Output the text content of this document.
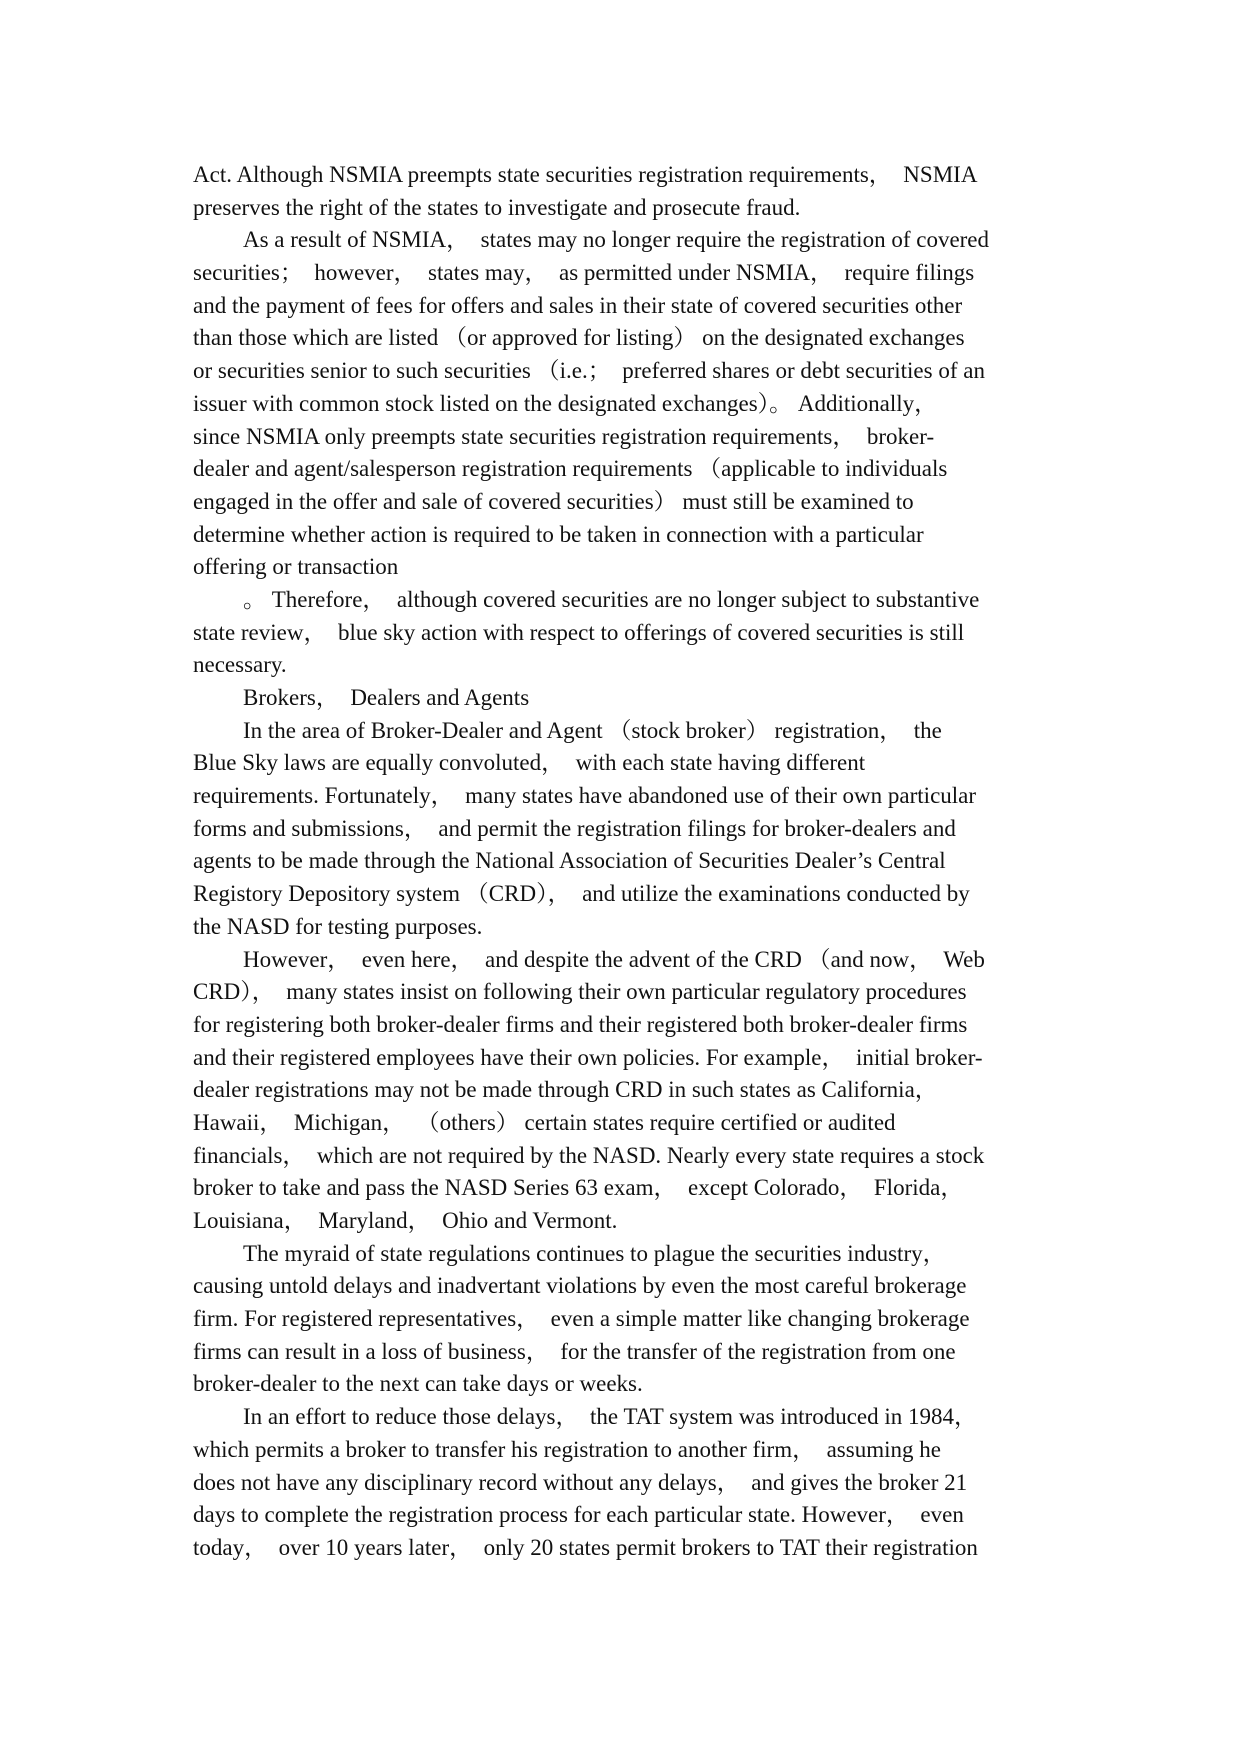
Act. Although NSMIA preempts state securities registration requirements，  NSMIA
preserves the right of the states to investigate and prosecute fraud.
As a result of NSMIA，  states may no longer require the registration of covered
securities；  however，  states may，  as permitted under NSMIA，  require filings
and the payment of fees for offers and sales in their state of covered securities other
than those which are listed （or approved for listing） on the designated exchanges
or securities senior to such securities （i.e.；  preferred shares or debt securities of an
issuer with common stock listed on the designated exchanges）。 Additionally，
since NSMIA only preempts state securities registration requirements，  broker-
dealer and agent/salesperson registration requirements （applicable to individuals
engaged in the offer and sale of covered securities） must still be examined to
determine whether action is required to be taken in connection with a particular
offering or transaction
。 Therefore，  although covered securities are no longer subject to substantive
state review，  blue sky action with respect to offerings of covered securities is still
necessary.
Brokers，  Dealers and Agents
In the area of Broker-Dealer and Agent （stock broker） registration，  the
Blue Sky laws are equally convoluted，  with each state having different
requirements. Fortunately，  many states have abandoned use of their own particular
forms and submissions，  and permit the registration filings for broker-dealers and
agents to be made through the National Association of Securities Dealer’s Central
Registory Depository system （CRD），  and utilize the examinations conducted by
the NASD for testing purposes.
However，  even here，  and despite the advent of the CRD （and now，  Web
CRD），  many states insist on following their own particular regulatory procedures
for registering both broker-dealer firms and their registered both broker-dealer firms
and their registered employees have their own policies. For example，  initial broker-
dealer registrations may not be made through CRD in such states as California，
Hawaii，  Michigan，  （others） certain states require certified or audited
financials，  which are not required by the NASD. Nearly every state requires a stock
broker to take and pass the NASD Series 63 exam，  except Colorado，  Florida，
Louisiana，  Maryland，  Ohio and Vermont.
The myraid of state regulations continues to plague the securities industry，
causing untold delays and inadvertant violations by even the most careful brokerage
firm. For registered representatives，  even a simple matter like changing brokerage
firms can result in a loss of business，  for the transfer of the registration from one
broker-dealer to the next can take days or weeks.
In an effort to reduce those delays，  the TAT system was introduced in 1984，
which permits a broker to transfer his registration to another firm，  assuming he
does not have any disciplinary record without any delays，  and gives the broker 21
days to complete the registration process for each particular state. However，  even
today，  over 10 years later，  only 20 states permit brokers to TAT their registration
